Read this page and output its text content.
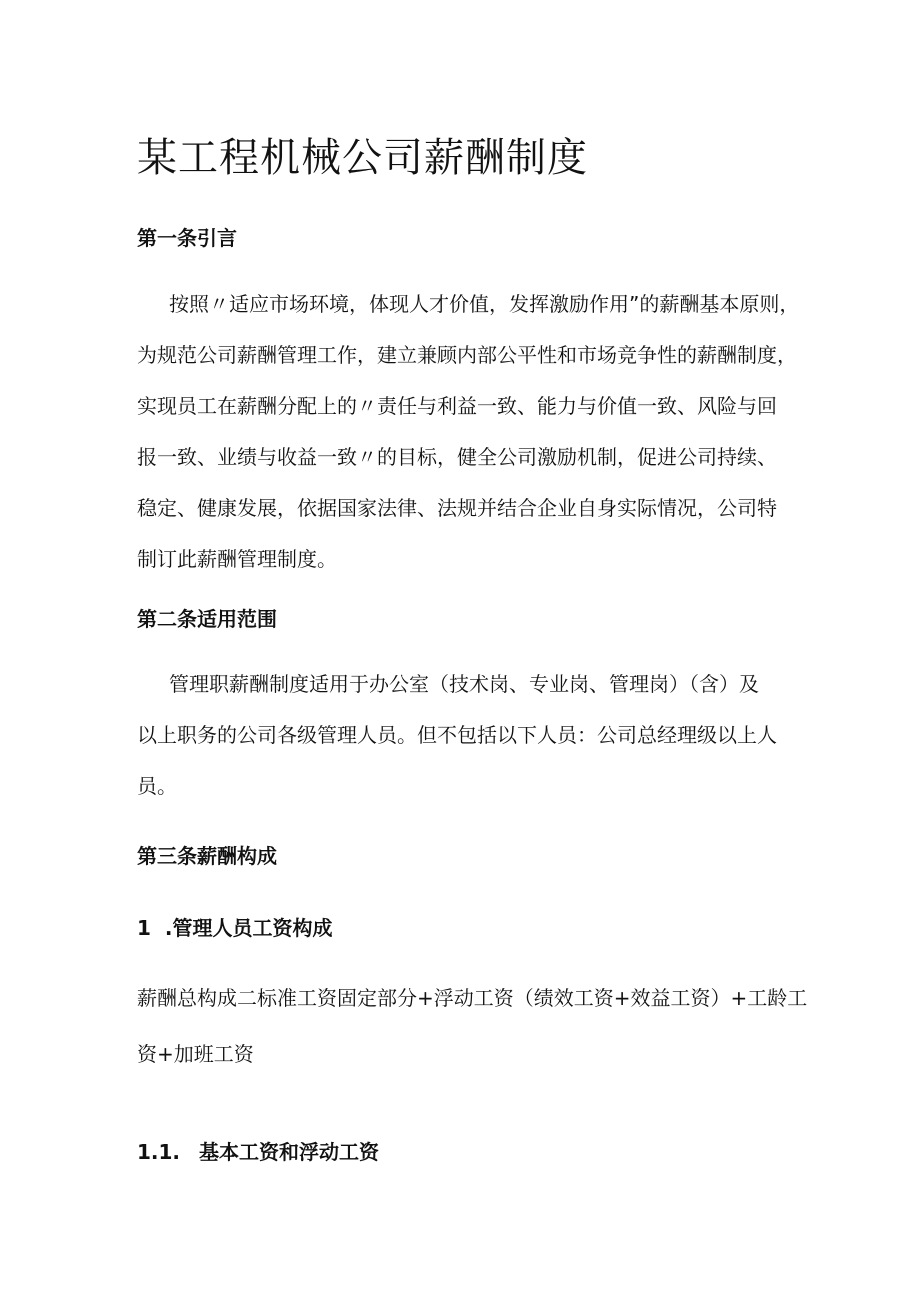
某工程机械公司薪酬制度
第一条引言

按照〃适应市场环境，体现人才价值，发挥激励作用”的薪酬基本原则，
为规范公司薪酬管理工作，建立兼顾内部公平性和市场竞争性的薪酬制度，
实现员工在薪酬分配上的〃责任与利益一致、能力与价值一致、风险与回
报一致、业绩与收益一致〃的目标，健全公司激励机制，促进公司持续、
稳定、健康发展，依据国家法律、法规并结合企业自身实际情况，公司特
制订此薪酬管理制度。

第二条适用范围

管理职薪酬制度适用于办公室（技术岗、专业岗、管理岗）（含）及
以上职务的公司各级管理人员。但不包括以下人员：公司总经理级以上人
员。

第三条薪酬构成
1  .管理人员工资构成

薪酬总构成二标准工资固定部分+浮动工资（绩效工资+效益工资）+工龄工
资+加班工资

1.1. 基本工资和浮动工资
